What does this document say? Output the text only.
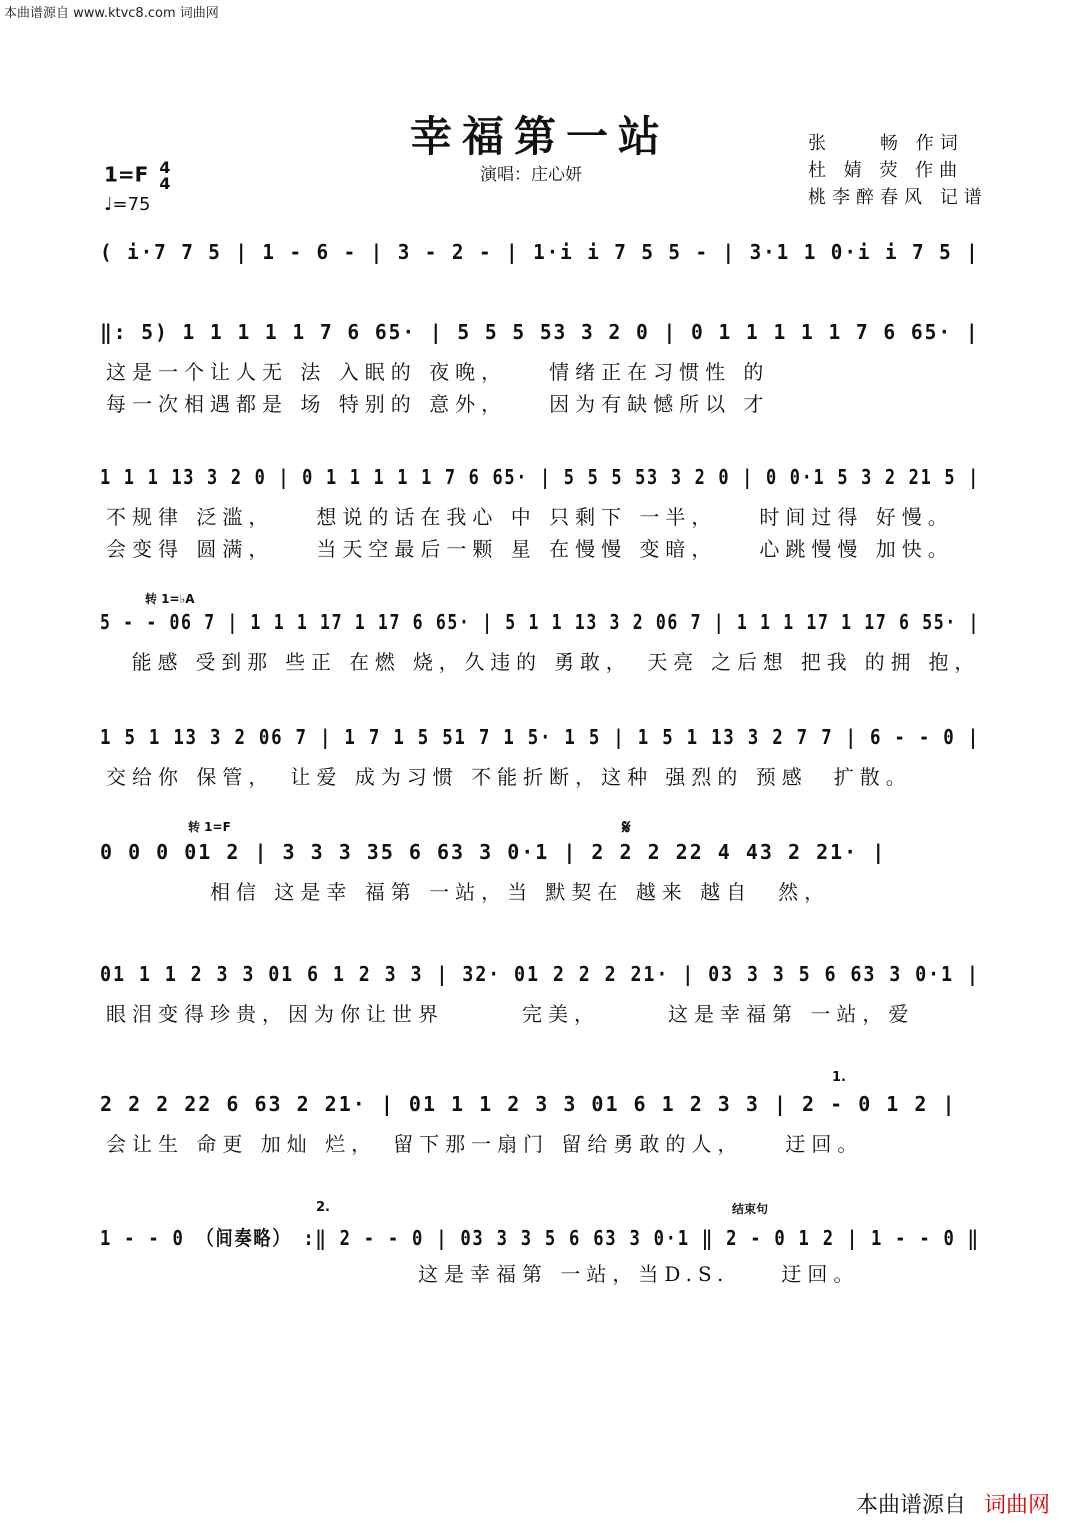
本曲谱源自 www.ktvc8.com 词曲网
幸福第一站
演唱：庄心妍
张　　畅 作词
杜 婧 荧 作曲
桃李醉春风 记谱
1=F 4
4
♩=75
( i·7 7 5 | 1 - 6 - | 3 - 2 - | 1·i i 7 5 5 - | 3·1 1 0·i i 7 5 |
‖: 5) 1 1 1 1 1 7 6 65· | 5 5 5 53 3 2 0 | 0 1 1 1 1 1 7 6 65· |
这是一个让人无 法 入眠的 夜晚，　　情绪正在习惯性 的
每一次相遇都是 场 特别的 意外，　　因为有缺憾所以 才
1 1 1 13 3 2 0 | 0 1 1 1 1 1 7 6 65· | 5 5 5 53 3 2 0 | 0 0·1 5 3 2 21 5 |
不规律 泛滥，　　想说的话在我心 中 只剩下 一半，　　时间过得 好慢。
会变得 圆满，　　当天空最后一颗 星 在慢慢 变暗，　　心跳慢慢 加快。
5 - - 06 7 | 1 1 1 17 1 17 6 65· | 5 1 1 13 3 2 06 7 | 1 1 1 17 1 17 6 55· |
　能感 受到那 些正 在燃 烧，久违的 勇敢，　天亮 之后想 把我 的拥 抱，
1 5 1 13 3 2 06 7 | 1 7 1 5 51 7 1 5· 1 5 | 1 5 1 13 3 2 7 7 | 6 - - 0 |
交给你 保管，　让爱 成为习惯 不能折断，这种 强烈的 预感　扩散。
0 0 0 01 2 | 3 3 3 35 6 63 3 0·1 | 2 2 2 22 4 43 2 21· |
　　　　相信 这是幸 福第 一站，当 默契在 越来 越自　然，
01 1 1 2 3 3 01 6 1 2 3 3 | 32· 01 2 2 2 21· | 03 3 3 5 6 63 3 0·1 |
眼泪变得珍贵，因为你让世界　　　完美，　　　这是幸福第 一站，爱
2 2 2 22 6 63 2 21· | 01 1 1 2 3 3 01 6 1 2 3 3 | 2 - 0 1 2 |
会让生 命更 加灿 烂，　留下那一扇门 留给勇敢的人，　　迂回。
1 - - 0 （间奏略） :‖ 2 - - 0 | 03 3 3 5 6 63 3 0·1 ‖ 2 - 0 1 2 | 1 - - 0 ‖
　　　　　　　　　　　　这是幸福第 一站，当D.S.　　迂回。
转 1=♭A
转 1=F	𝄋
1.
2.	结束句
本曲谱源自 词曲网
